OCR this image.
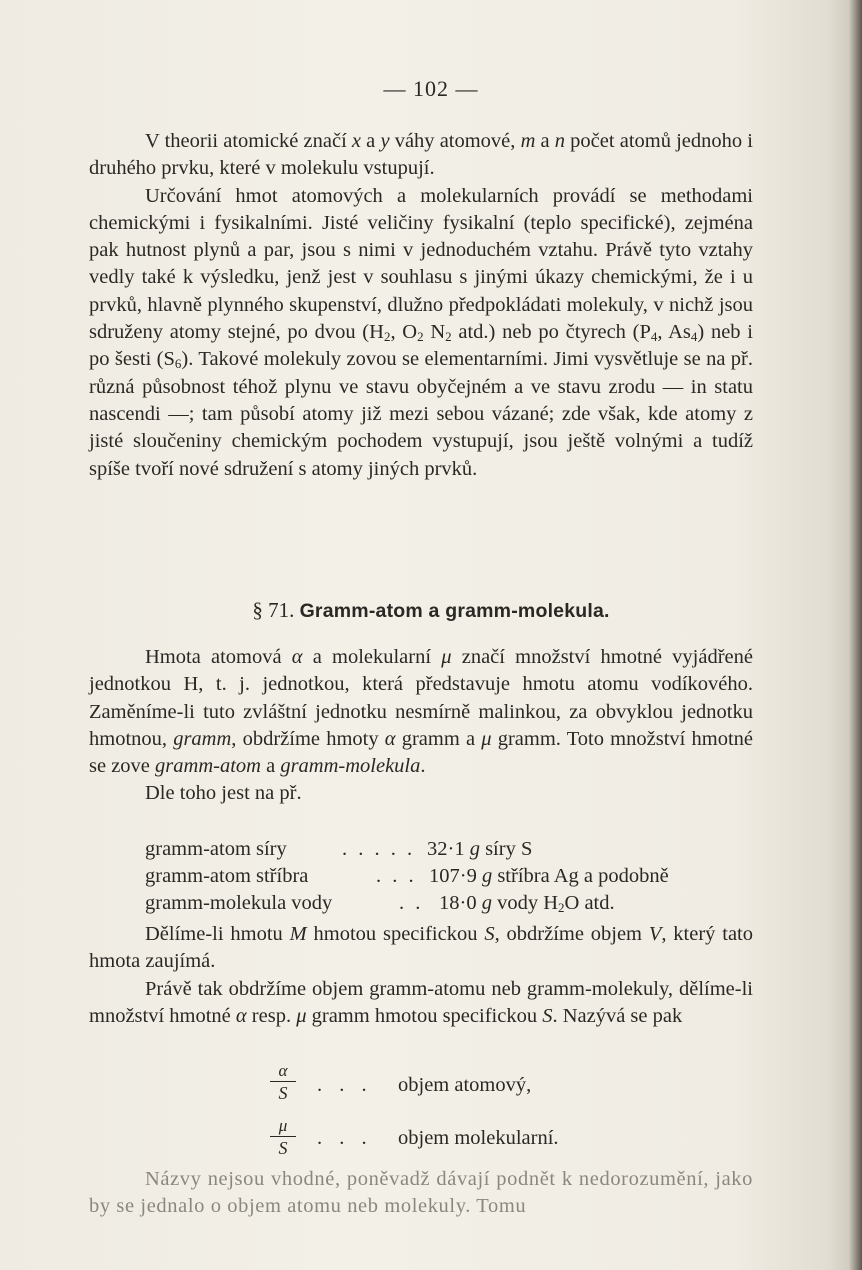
— 102 —

V theorii atomické značí x a y váhy atomové, m a n počet atomů jednoho i druhého prvku, které v molekulu vstupují.

Určování hmot atomových a molekularních provádí se methodami chemickými i fysikalními. Jisté veličiny fysikalní (teplo specifické), zejména pak hutnost plynů a par, jsou s nimi v jednoduchém vztahu. Právě tyto vztahy vedly také k výsledku, jenž jest v souhlasu s jinými úkazy chemickými, že i u prvků, hlavně plynného skupenství, dlužno předpokládati molekuly, v nichž jsou sdruženy atomy stejné, po dvou ($H_2$, $O_2$ $N_2$ atd.) neb po čtyrech ($P_4$, $As_4$) neb i po šesti $(S_6)$. Takové molekuly zovou se elementarními. Jimi vysvětluje se na př. různá působnost téhož plynu ve stavu obyčejném a ve stavu zrodu — in statu nascendi —; tam působí atomy již mezi sebou vázané; zde však, kde atomy z jisté sloučeniny chemickým pochodem vystupují, jsou ještě volnými a tudíž spíše tvoří nové sdružení s atomy jiných prvků.

§ 71. Gramm-atom a gramm-molekula.

Hmota atomová α a molekularní μ značí množství hmotné vyjádřené jednotkou H, t. j. jednotkou, která představuje hmotu atomu vodíkového. Zaměníme-li tuto zvláštní jednotku nesmírně malinkou, za obvyklou jednotku hmotnou, gramm, obdržíme hmoty α gramm a μ gramm. Toto množství hmotné se zove gramm-atom a gramm-molekula.

Dle toho jest na př.

gramm-atom síry	. . . . . 32·1 g síry S
gramm-atom stříbra	. . . 107·9 g stříbra Ag a podobně
gramm-molekula vody	. . 18·0 g vody $H_2O$ atd.

Dělíme-li hmotu M hmotou specifickou S, obdržíme objem V, který tato hmota zaujímá.

Právě tak obdržíme objem gramm-atomu neb gramm-molekuly, dělíme-li množství hmotné α resp. μ gramm hmotou specifickou S. Nazývá se pak

α
S	. . . objem atomový,
μ
S	. . . objem molekularní.

Názvy nejsou vhodné, poněvadž dávají podnět k nedorozumění, jako by se jednalo o objem atomu neb molekuly. Tomu
